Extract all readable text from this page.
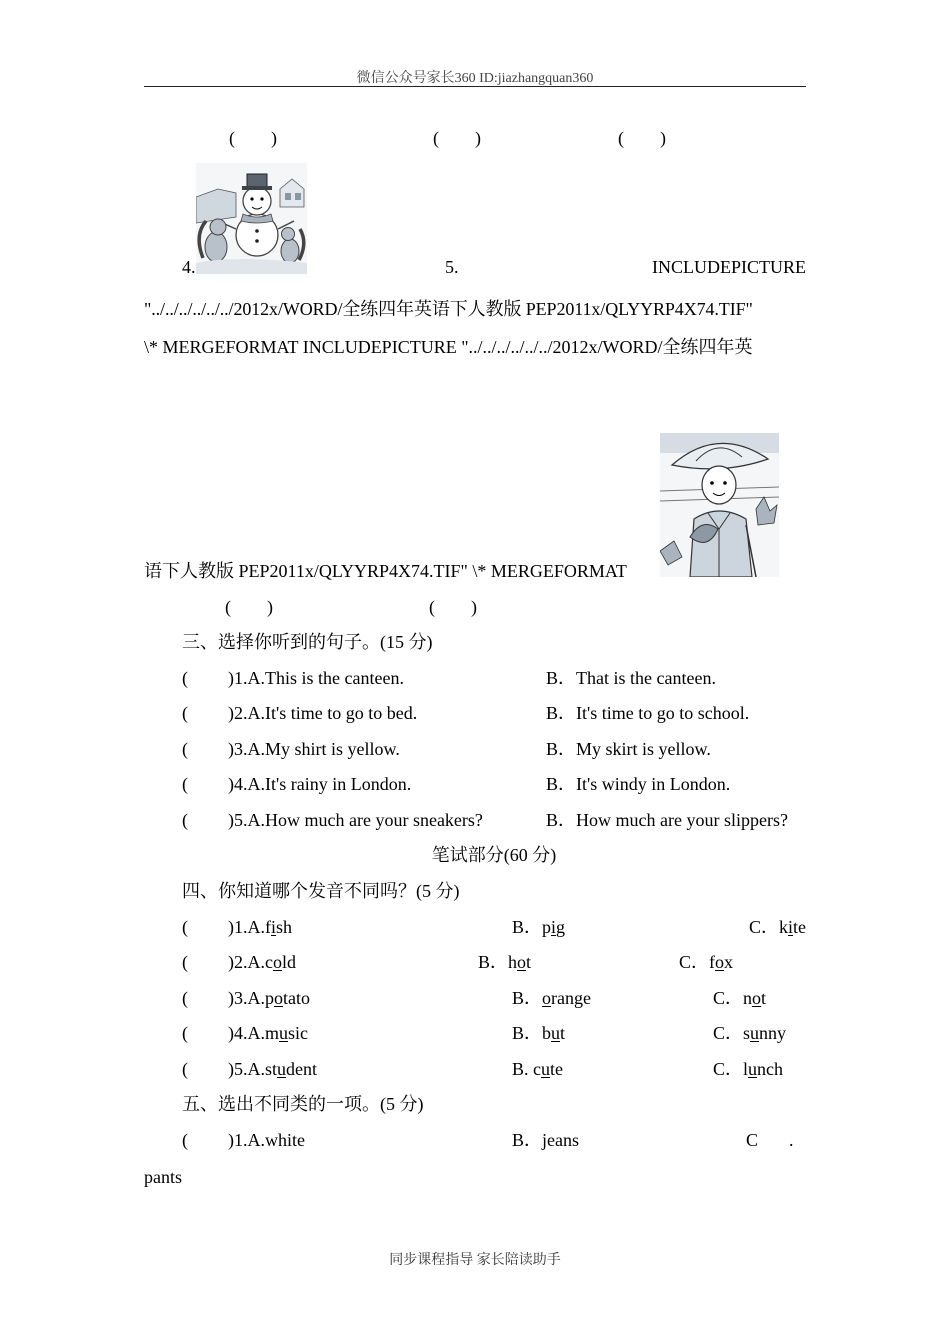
微信公众号家长360 ID:jiazhangquan360
(　　)	(　　)	(　　)
4.	5.	INCLUDEPICTURE
"../../../../../../2012x/WORD/全练四年英语下人教版 PEP2011x/QLYYRP4X74.TIF"
\* MERGEFORMAT INCLUDEPICTURE "../../../../../../2012x/WORD/全练四年英
语下人教版 PEP2011x/QLYYRP4X74.TIF" \* MERGEFORMAT
(　　)	(　　)
三、选择你听到的句子。(15 分)
( )1.A.This is the canteen.	B．That is the canteen.
( )2.A.It's time to go to bed.	B．It's time to go to school.
( )3.A.My shirt is yellow.	B．My skirt is yellow.
( )4.A.It's rainy in London.	B．It's windy in London.
( )5.A.How much are your sneakers?	B．How much are your slippers?
笔试部分(60 分)
四、你知道哪个发音不同吗？(5 分)
( )1.A.fish	B．pig	C．kite
( )2.A.cold	B．hot	C．fox
( )3.A.potato	B．orange	C．not
( )4.A.music	B．but	C．sunny
( )5.A.student	B. cute	C．lunch
五、选出不同类的一项。(5 分)
( )1.A.white	B．jeans	C .
pants
同步课程指导 家长陪读助手
